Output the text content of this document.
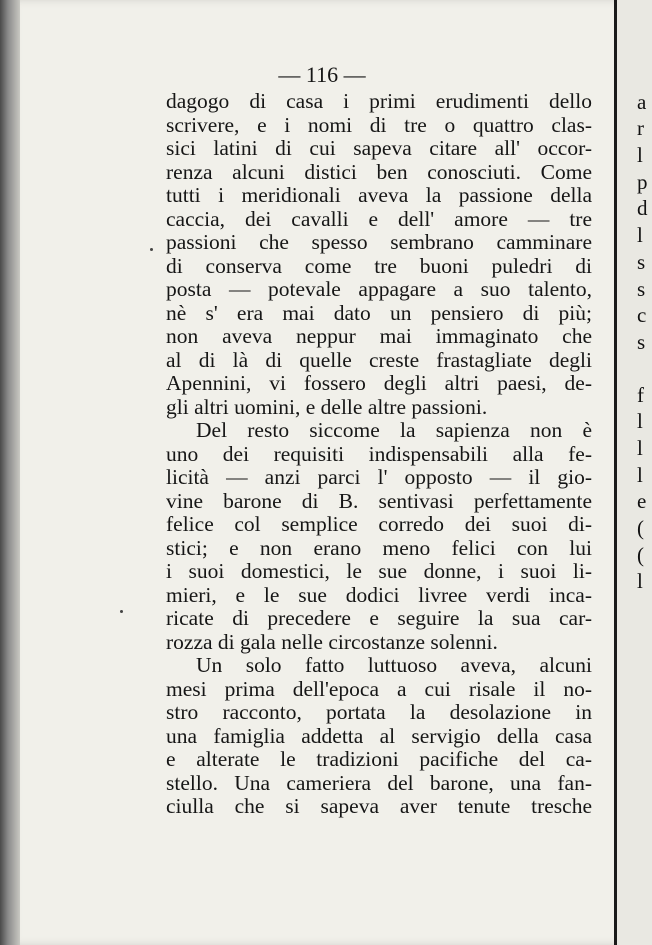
— 116 —
dagogo di casa i primi erudimenti dello
scrivere, e i nomi di tre o quattro clas-
sici latini di cui sapeva citare all' occor-
renza alcuni distici ben conosciuti. Come
tutti i meridionali aveva la passione della
caccia, dei cavalli e dell' amore — tre
passioni che spesso sembrano camminare
di conserva come tre buoni puledri di
posta — potevale appagare a suo talento,
nè s' era mai dato un pensiero di più;
non aveva neppur mai immaginato che
al di là di quelle creste frastagliate degli
Apennini, vi fossero degli altri paesi, de-
gli altri uomini, e delle altre passioni.
Del resto siccome la sapienza non è
uno dei requisiti indispensabili alla fe-
licità — anzi parci l' opposto — il gio-
vine barone di B. sentivasi perfettamente
felice col semplice corredo dei suoi di-
stici; e non erano meno felici con lui
i suoi domestici, le sue donne, i suoi li-
mieri, e le sue dodici livree verdi inca-
ricate di precedere e seguire la sua car-
rozza di gala nelle circostanze solenni.
Un solo fatto luttuoso aveva, alcuni
mesi prima dell'epoca a cui risale il no-
stro racconto, portata la desolazione in
una famiglia addetta al servigio della casa
e alterate le tradizioni pacifiche del ca-
stello. Una cameriera del barone, una fan-
ciulla che si sapeva aver tenute tresche
a
r
l
p
d
l
s
s
c
s
f
l
l
l
e
(
(
l
